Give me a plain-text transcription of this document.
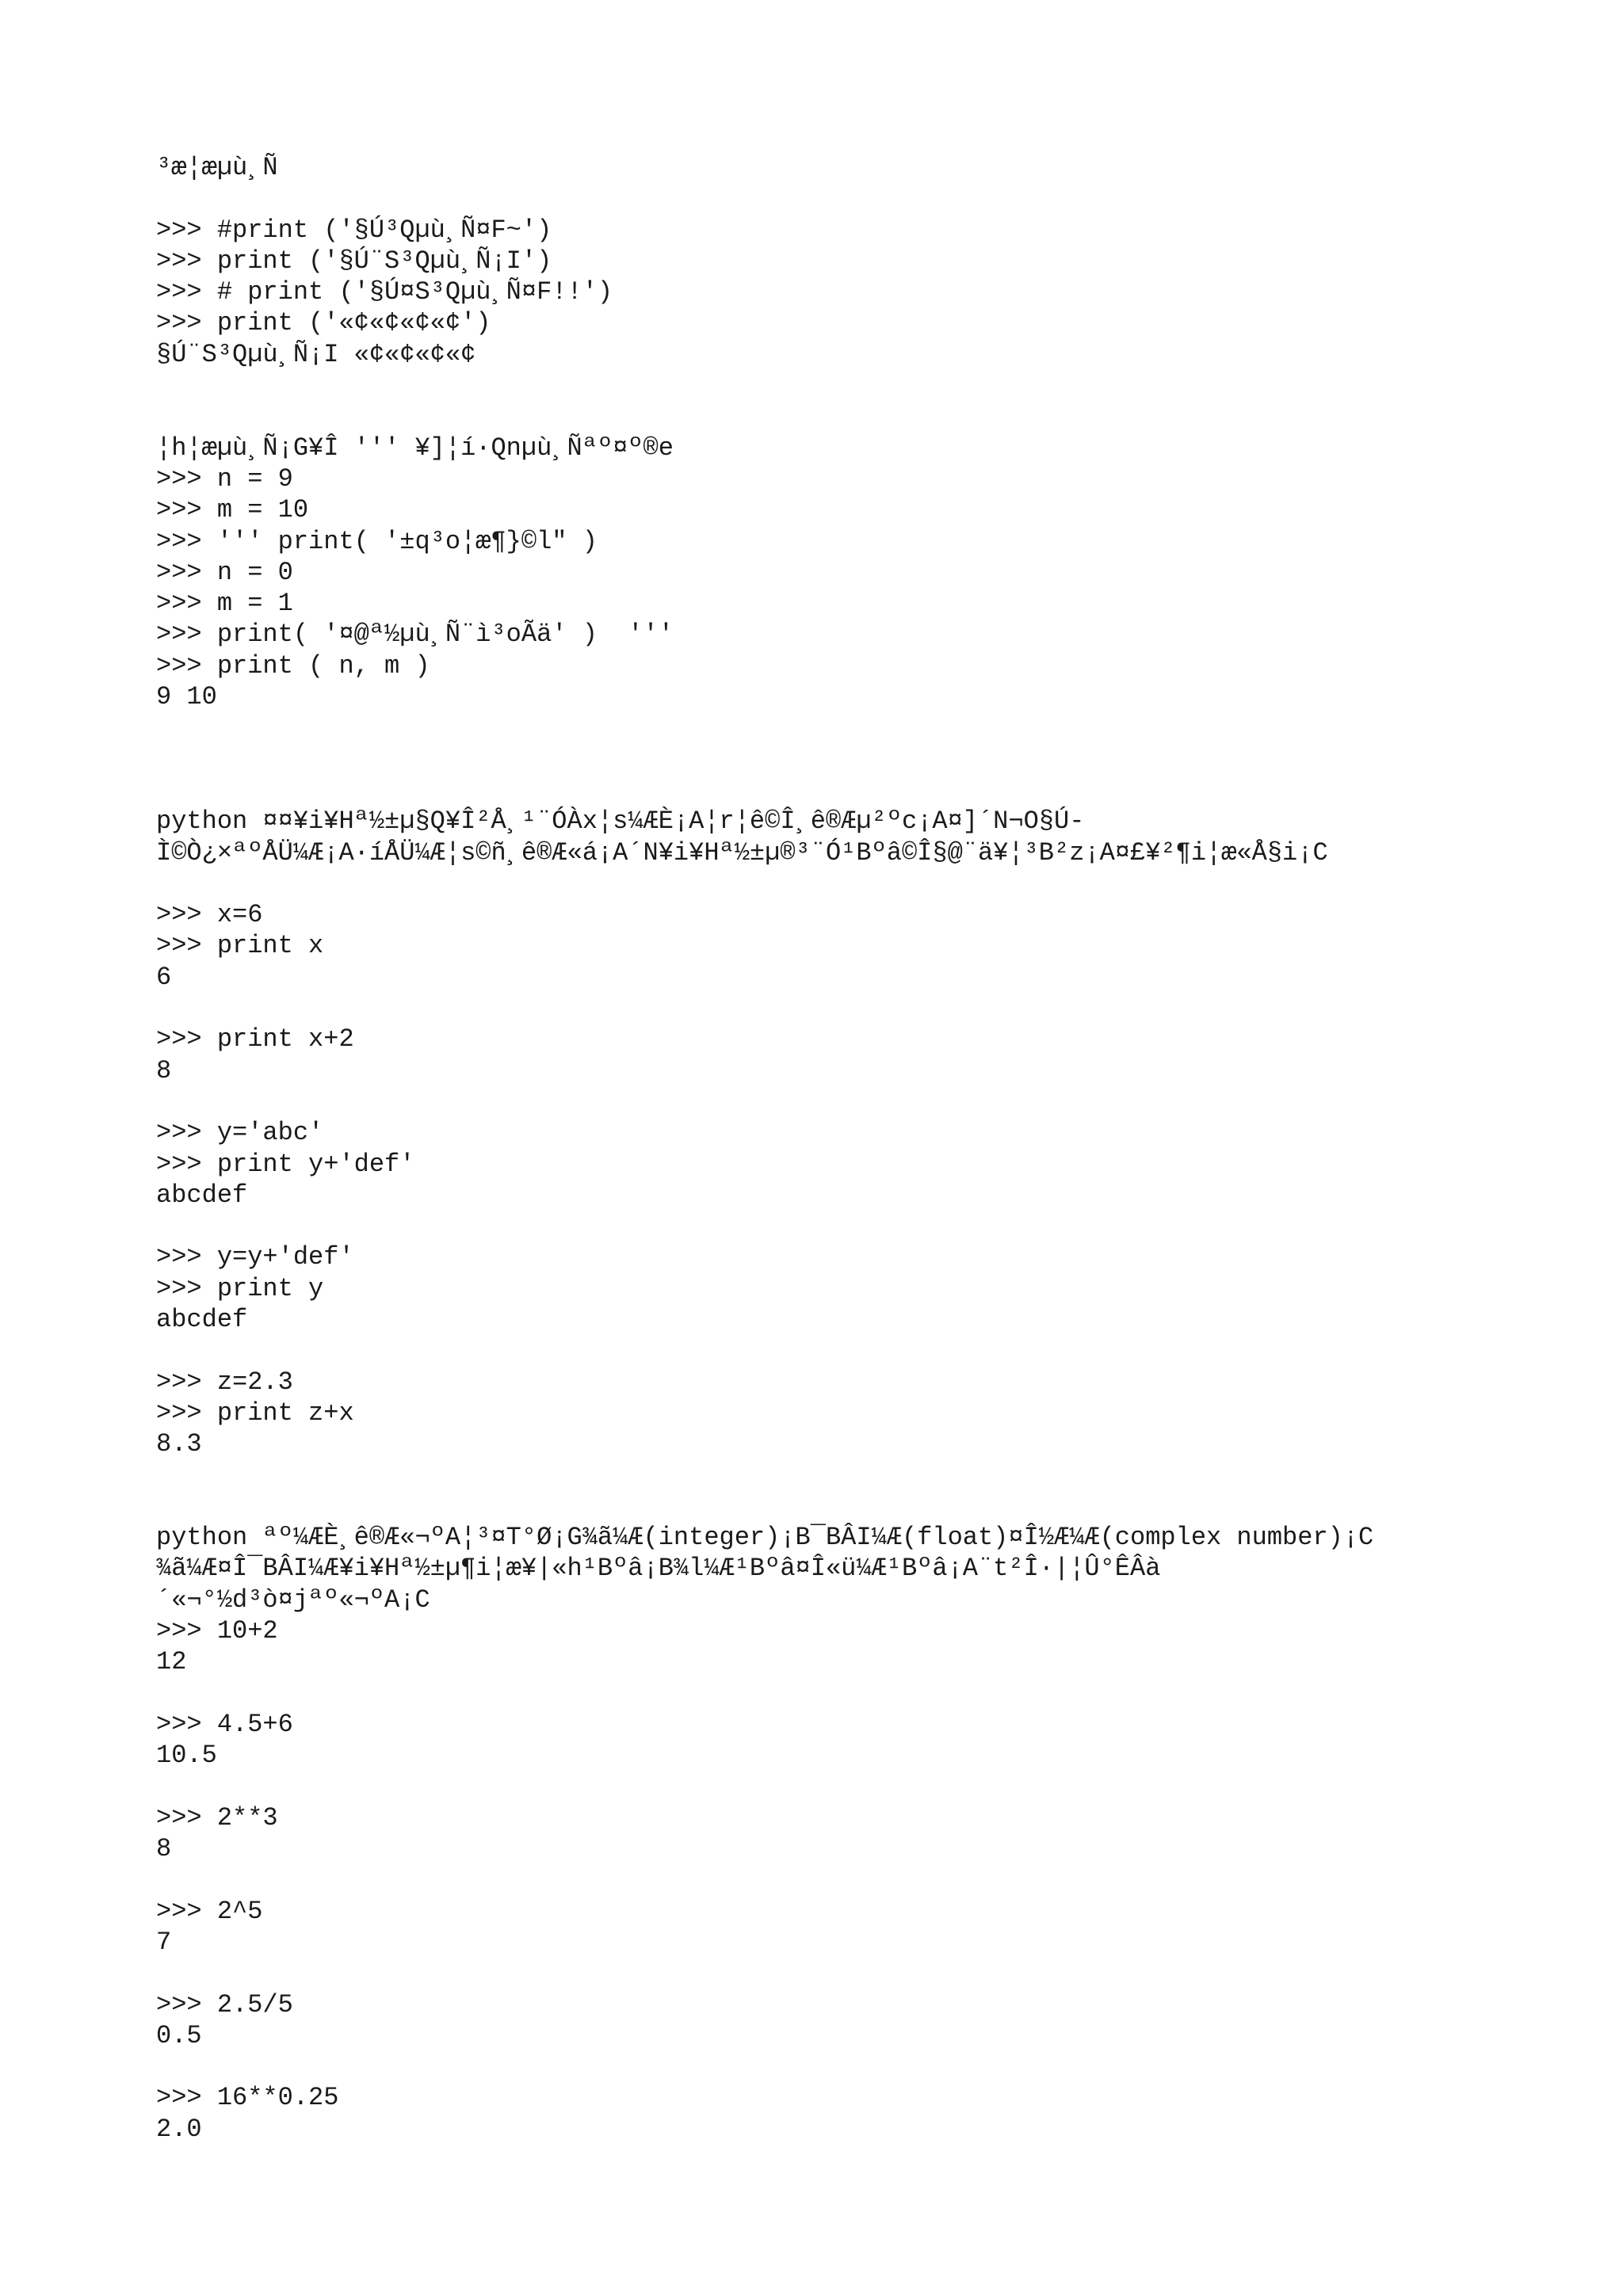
³æ¦æµù¸Ñ
>>> #print ('§Ú³Qµù¸Ñ¤F~')
>>> print ('§Ú¨S³Qµù¸Ñ¡I')
>>> # print ('§Ú¤S³Qµù¸Ñ¤F!!')
>>> print ('«¢«¢«¢«¢')
§Ú¨S³Qµù¸Ñ¡I «¢«¢«¢«¢
¦h¦æµù¸Ñ¡G¥Î ''' ¥]¦í·Qnµù¸Ñªº¤º®e
>>> n = 9
>>> m = 10
>>> ''' print( '±q³o¦æ¶}©l" )
>>> n = 0
>>> m = 1
>>> print( '¤@ª½µù¸Ñ¨ì³oÃä' )  '''
>>> print ( n, m )
9 10
python ¤¤¥i¥Hª½±µ§Q¥Î²Å¸¹¨ÓÀx¦s¼ÆÈ¡A¦r¦ê©Î¸ê®Æµ²ºc¡A¤]´N¬O§Ú-
Ì©Ò¿×ªºÅÜ¼Æ¡A·íÅÜ¼Æ¦s©ñ¸ê®Æ«á¡A´N¥i¥Hª½±µ®³¨Ó¹Bºâ©Î§@¨ä¥¦³B²z¡A¤£¥²¶i¦æ«Å§i¡C
>>> x=6
>>> print x
6
>>> print x+2
8
>>> y='abc'
>>> print y+'def'
abcdef
>>> y=y+'def'
>>> print y
abcdef
>>> z=2.3
>>> print z+x
8.3
python ªº¼ÆÈ¸ê®Æ«¬ºA¦³¤T°Ø¡G¾ã¼Æ(integer)¡B¯BÂI¼Æ(float)¤Î½Æ¼Æ(complex number)¡C
¾ã¼Æ¤Î¯BÂI¼Æ¥i¥Hª½±µ¶i¦æ¥|«h¹Bºâ¡B¾l¼Æ¹Bºâ¤Î«ü¼Æ¹Bºâ¡A¨t²Î·|¦Û°ÊÂà
´«¬°½d³ò¤jªº«¬ºA¡C
>>> 10+2
12
>>> 4.5+6
10.5
>>> 2**3
8
>>> 2^5
7
>>> 2.5/5
0.5
>>> 16**0.25
2.0
